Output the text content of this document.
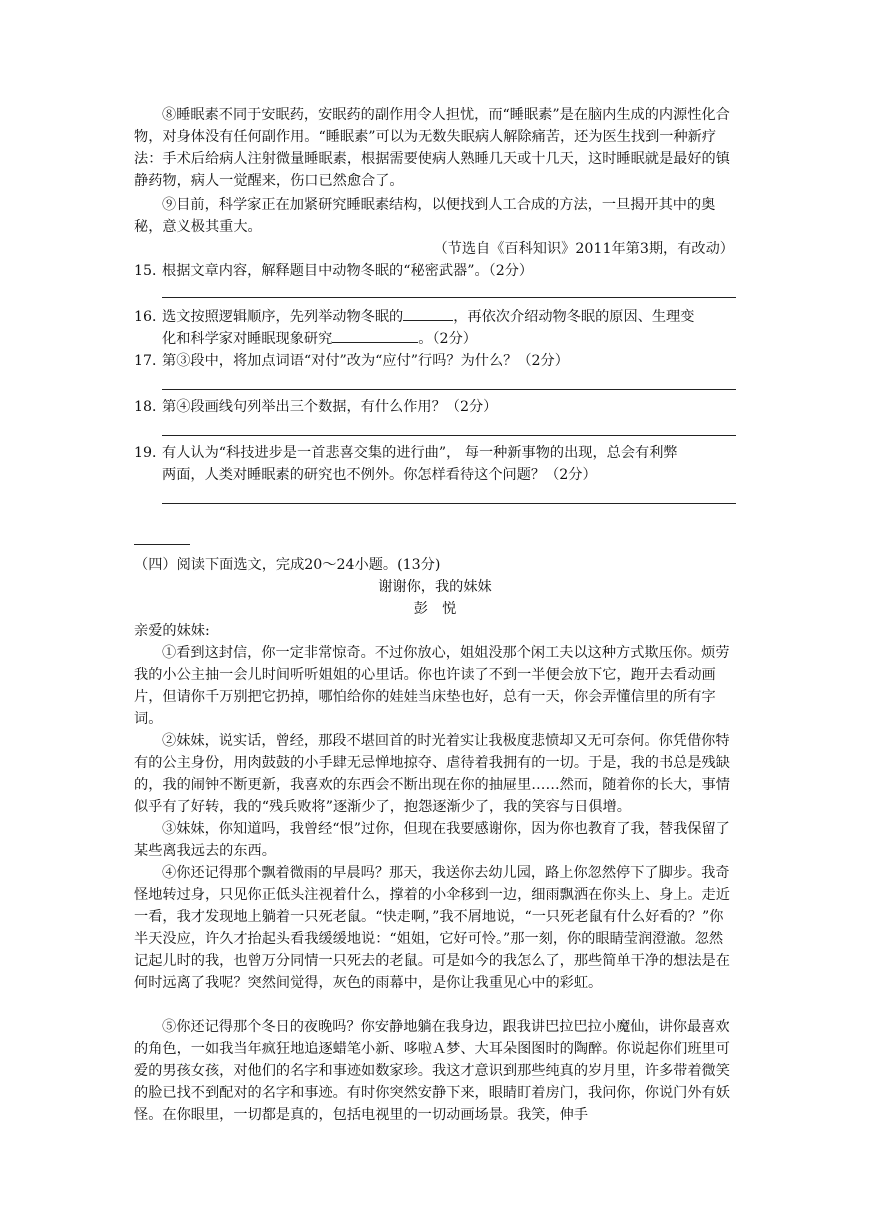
⑧睡眠素不同于安眠药，安眠药的副作用令人担忧，而“睡眠素”是在脑内生成的内源性化合物，对身体没有任何副作用。“睡眠素”可以为无数失眠病人解除痛苦，还为医生找到一种新疗法：手术后给病人注射微量睡眠素，根据需要使病人熟睡几天或十几天，这时睡眠就是最好的镇静药物，病人一觉醒来，伤口已然愈合了。

⑨目前，科学家正在加紧研究睡眠素结构，以便找到人工合成的方法，一旦揭开其中的奥秘，意义极其重大。

（节选自《百科知识》2011年第3期，有改动）
15．根据文章内容，解释题目中动物冬眠的“秘密武器”。（2分）
16．选文按照逻辑顺序，先列举动物冬眠的	，再依次介绍动物冬眠的原因、生理变
化和科学家对睡眠现象研究	。（2分）
17．第③段中，将加点词语“对付”改为“应付”行吗？为什么？（2分）
18．第④段画线句列举出三个数据，有什么作用？（2分）
19．有人认为“科技进步是一首悲喜交集的进行曲”， 每一种新事物的出现，总会有利弊
两面，人类对睡眠素的研究也不例外。你怎样看待这个问题？（2分）
（四）阅读下面选文，完成20～24小题。(13分)
谢谢你，我的妹妹
彭　悦
亲爱的妹妹:
①看到这封信，你一定非常惊奇。不过你放心，姐姐没那个闲工夫以这种方式欺压你。烦劳我的小公主抽一会儿时间听听姐姐的心里话。你也许读了不到一半便会放下它，跑开去看动画片，但请你千万别把它扔掉，哪怕给你的娃娃当床垫也好，总有一天，你会弄懂信里的所有字词。
②妹妹，说实话，曾经，那段不堪回首的时光着实让我极度悲愤却又无可奈何。你凭借你特有的公主身份，用肉鼓鼓的小手肆无忌惮地掠夺、虐待着我拥有的一切。于是，我的书总是残缺的，我的闹钟不断更新，我喜欢的东西会不断出现在你的抽屉里……然而，随着你的长大，事情似乎有了好转，我的“残兵败将”逐渐少了，抱怨逐渐少了，我的笑容与日俱增。
③妹妹，你知道吗，我曾经“恨”过你，但现在我要感谢你，因为你也教育了我，替我保留了某些离我远去的东西。
④你还记得那个飘着微雨的早晨吗？那天，我送你去幼儿园，路上你忽然停下了脚步。我奇怪地转过身，只见你正低头注视着什么，撑着的小伞移到一边，细雨飘洒在你头上、身上。走近一看，我才发现地上躺着一只死老鼠。“快走啊，”我不屑地说，“一只死老鼠有什么好看的？”你半天没应，许久才抬起头看我缓缓地说：“姐姐，它好可怜。”那一刻，你的眼睛莹润澄澈。忽然记起儿时的我，也曾万分同情一只死去的老鼠。可是如今的我怎么了，那些简单干净的想法是在何时远离了我呢？突然间觉得，灰色的雨幕中，是你让我重见心中的彩虹。
⑤你还记得那个冬日的夜晚吗？你安静地躺在我身边，跟我讲巴拉巴拉小魔仙，讲你最喜欢的角色，一如我当年疯狂地追逐蜡笔小新、哆啦Ａ梦、大耳朵图图时的陶醉。你说起你们班里可爱的男孩女孩，对他们的名字和事迹如数家珍。我这才意识到那些纯真的岁月里，许多带着微笑的脸已找不到配对的名字和事迹。有时你突然安静下来，眼睛盯着房门，我问你，你说门外有妖怪。在你眼里，一切都是真的，包括电视里的一切动画场景。我笑，伸手
